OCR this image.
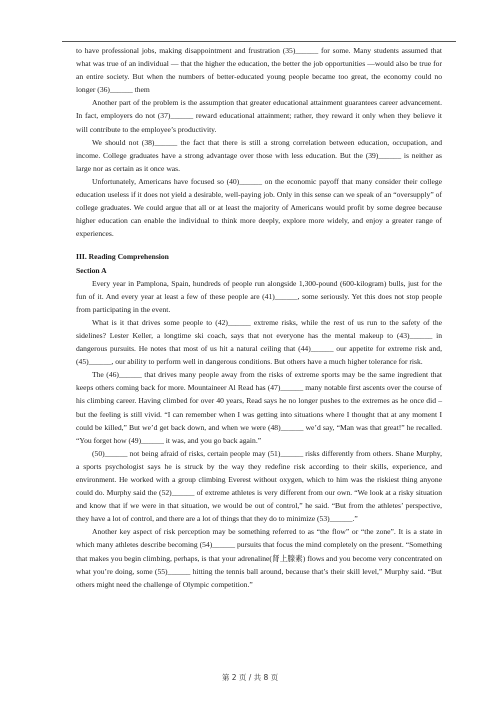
to have professional jobs, making disappointment and frustration (35)______ for some. Many students assumed that what was true of an individual — that the higher the education, the better the job opportunities —would also be true for an entire society. But when the numbers of better-educated young people became too great, the economy could no longer (36)______ them

Another part of the problem is the assumption that greater educational attainment guarantees career advancement. In fact, employers do not (37)______ reward educational attainment; rather, they reward it only when they believe it will contribute to the employee’s productivity.

We should not (38)______ the fact that there is still a strong correlation between education, occupation, and income. College graduates have a strong advantage over those with less education. But the (39)______ is neither as large nor as certain as it once was.

Unfortunately, Americans have focused so (40)______ on the economic payoff that many consider their college education useless if it does not yield a desirable, well-paying job. Only in this sense can we speak of an “oversupply” of college graduates. We could argue that all or at least the majority of Americans would profit by some degree because higher education can enable the individual to think more deeply, explore more widely, and enjoy a greater range of experiences.

III. Reading Comprehension

Section A

Every year in Pamplona, Spain, hundreds of people run alongside 1,300-pound (600-kilogram) bulls, just for the fun of it. And every year at least a few of these people are (41)______, some seriously. Yet this does not stop people from participating in the event.

What is it that drives some people to (42)______ extreme risks, while the rest of us run to the safety of the sidelines? Lester Keller, a longtime ski coach, says that not everyone has the mental makeup to (43)______ in dangerous pursuits. He notes that most of us hit a natural ceiling that (44)______ our appetite for extreme risk and, (45)______, our ability to perform well in dangerous conditions. But others have a much higher tolerance for risk.

The (46)______ that drives many people away from the risks of extreme sports may be the same ingredient that keeps others coming back for more. Mountaineer Al Read has (47)______ many notable first ascents over the course of his climbing career. Having climbed for over 40 years, Read says he no longer pushes to the extremes as he once did – but the feeling is still vivid. “I can remember when I was getting into situations where I thought that at any moment I could be killed,” But we’d get back down, and when we were (48)______ we’d say, “Man was that great!” he recalled. “You forget how (49)______ it was, and you go back again.”

(50)______ not being afraid of risks, certain people may (51)______ risks differently from others. Shane Murphy, a sports psychologist says he is struck by the way they redefine risk according to their skills, experience, and environment. He worked with a group climbing Everest without oxygen, which to him was the riskiest thing anyone could do. Murphy said the (52)______ of extreme athletes is very different from our own. “We look at a risky situation and know that if we were in that situation, we would be out of control,” he said. “But from the athletes’ perspective, they have a lot of control, and there are a lot of things that they do to minimize (53)______.”

Another key aspect of risk perception may be something referred to as “the flow” or “the zone”. It is a state in which many athletes describe becoming (54)______ pursuits that focus the mind completely on the present. “Something that makes you begin climbing, perhaps, is that your adrenaline(肾上腺素) flows and you become very concentrated on what you’re doing, some (55)______ hitting the tennis ball around, because that’s their skill level,” Murphy said. “But others might need the challenge of Olympic competition.”

第 2 页 / 共 8 页
